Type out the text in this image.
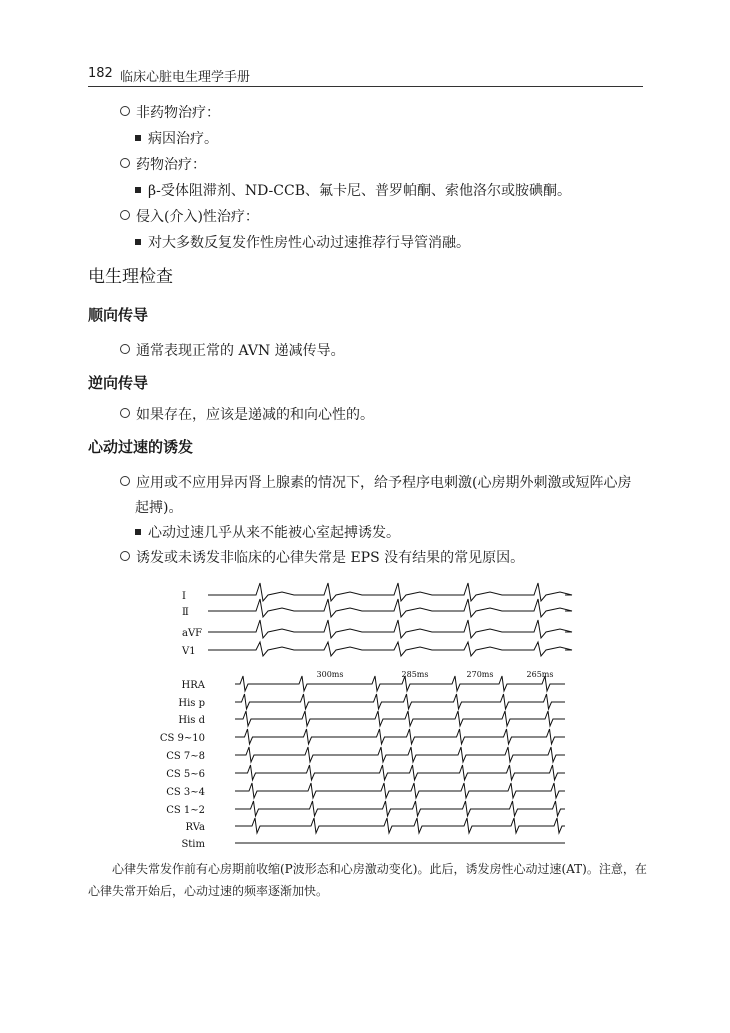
182 临床心脏电生理学手册
非药物治疗：
病因治疗。
药物治疗：
β-受体阻滞剂、ND-CCB、氟卡尼、普罗帕酮、索他洛尔或胺碘酮。
侵入(介入)性治疗：
对大多数反复发作性房性心动过速推荐行导管消融。
电生理检查
顺向传导
通常表现正常的 AVN 递减传导。
逆向传导
如果存在，应该是递减的和向心性的。
心动过速的诱发
应用或不应用异丙肾上腺素的情况下，给予程序电刺激(心房期外刺激或短阵心房
起搏)。
心动过速几乎从来不能被心室起搏诱发。
诱发或未诱发非临床的心律失常是 EPS 没有结果的常见原因。
Ⅰ
Ⅱ
aVF
V1
HRA
His p
His d
CS 9~10
CS 7~8
CS 5~6
CS 3~4
CS 1~2
RVa
Stim
300ms	285ms	270ms	265ms
心律失常发作前有心房期前收缩(P波形态和心房激动变化)。此后，诱发房性心动过速(AT)。注意，在
心律失常开始后，心动过速的频率逐渐加快。
